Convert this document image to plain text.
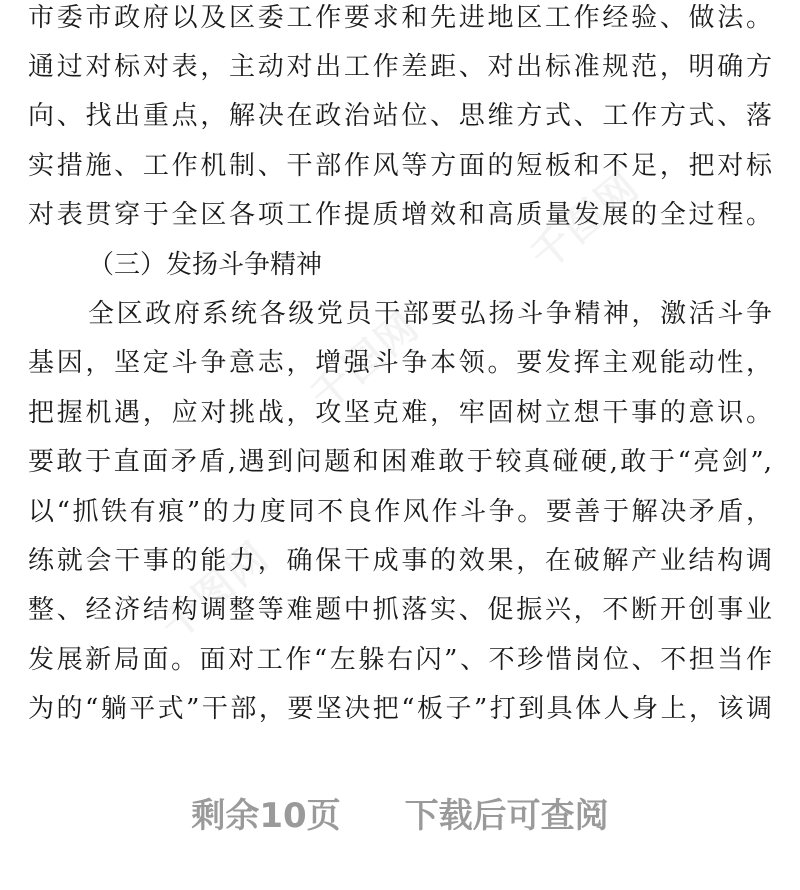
千图网
千图网
千图网
市委市政府以及区委工作要求和先进地区工作经验、做法。
通过对标对表，主动对出工作差距、对出标准规范，明确方
向、找出重点，解决在政治站位、思维方式、工作方式、落
实措施、工作机制、干部作风等方面的短板和不足，把对标
对表贯穿于全区各项工作提质增效和高质量发展的全过程。
（三）发扬斗争精神
全区政府系统各级党员干部要弘扬斗争精神，激活斗争
基因，坚定斗争意志，增强斗争本领。要发挥主观能动性，
把握机遇，应对挑战，攻坚克难，牢固树立想干事的意识。
要敢于直面矛盾,遇到问题和困难敢于较真碰硬,敢于“亮剑”,
以“抓铁有痕”的力度同不良作风作斗争。要善于解决矛盾，
练就会干事的能力，确保干成事的效果，在破解产业结构调
整、经济结构调整等难题中抓落实、促振兴，不断开创事业
发展新局面。面对工作“左躲右闪”、不珍惜岗位、不担当作
为的“躺平式”干部，要坚决把“板子”打到具体人身上，该调
剩余10页 下载后可查阅
